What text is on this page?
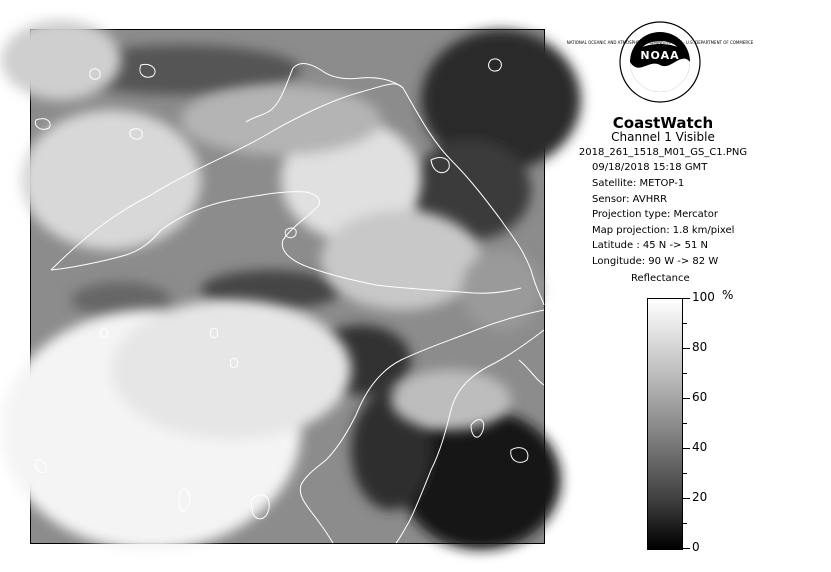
NATIONAL OCEANIC AND ATMOSPHERIC ADMINISTRATION · U.S. DEPARTMENT OF COMMERCE
NOAA
CoastWatch
Channel 1 Visible
2018_261_1518_M01_GS_C1.PNG
09/18/2018 15:18 GMT
Satellite: METOP-1
Sensor: AVHRR
Projection type: Mercator
Map projection: 1.8 km/pixel
Latitude : 45 N -> 51 N
Longitude: 90 W -> 82 W
Reflectance
%
100
80
60
40
20
0
